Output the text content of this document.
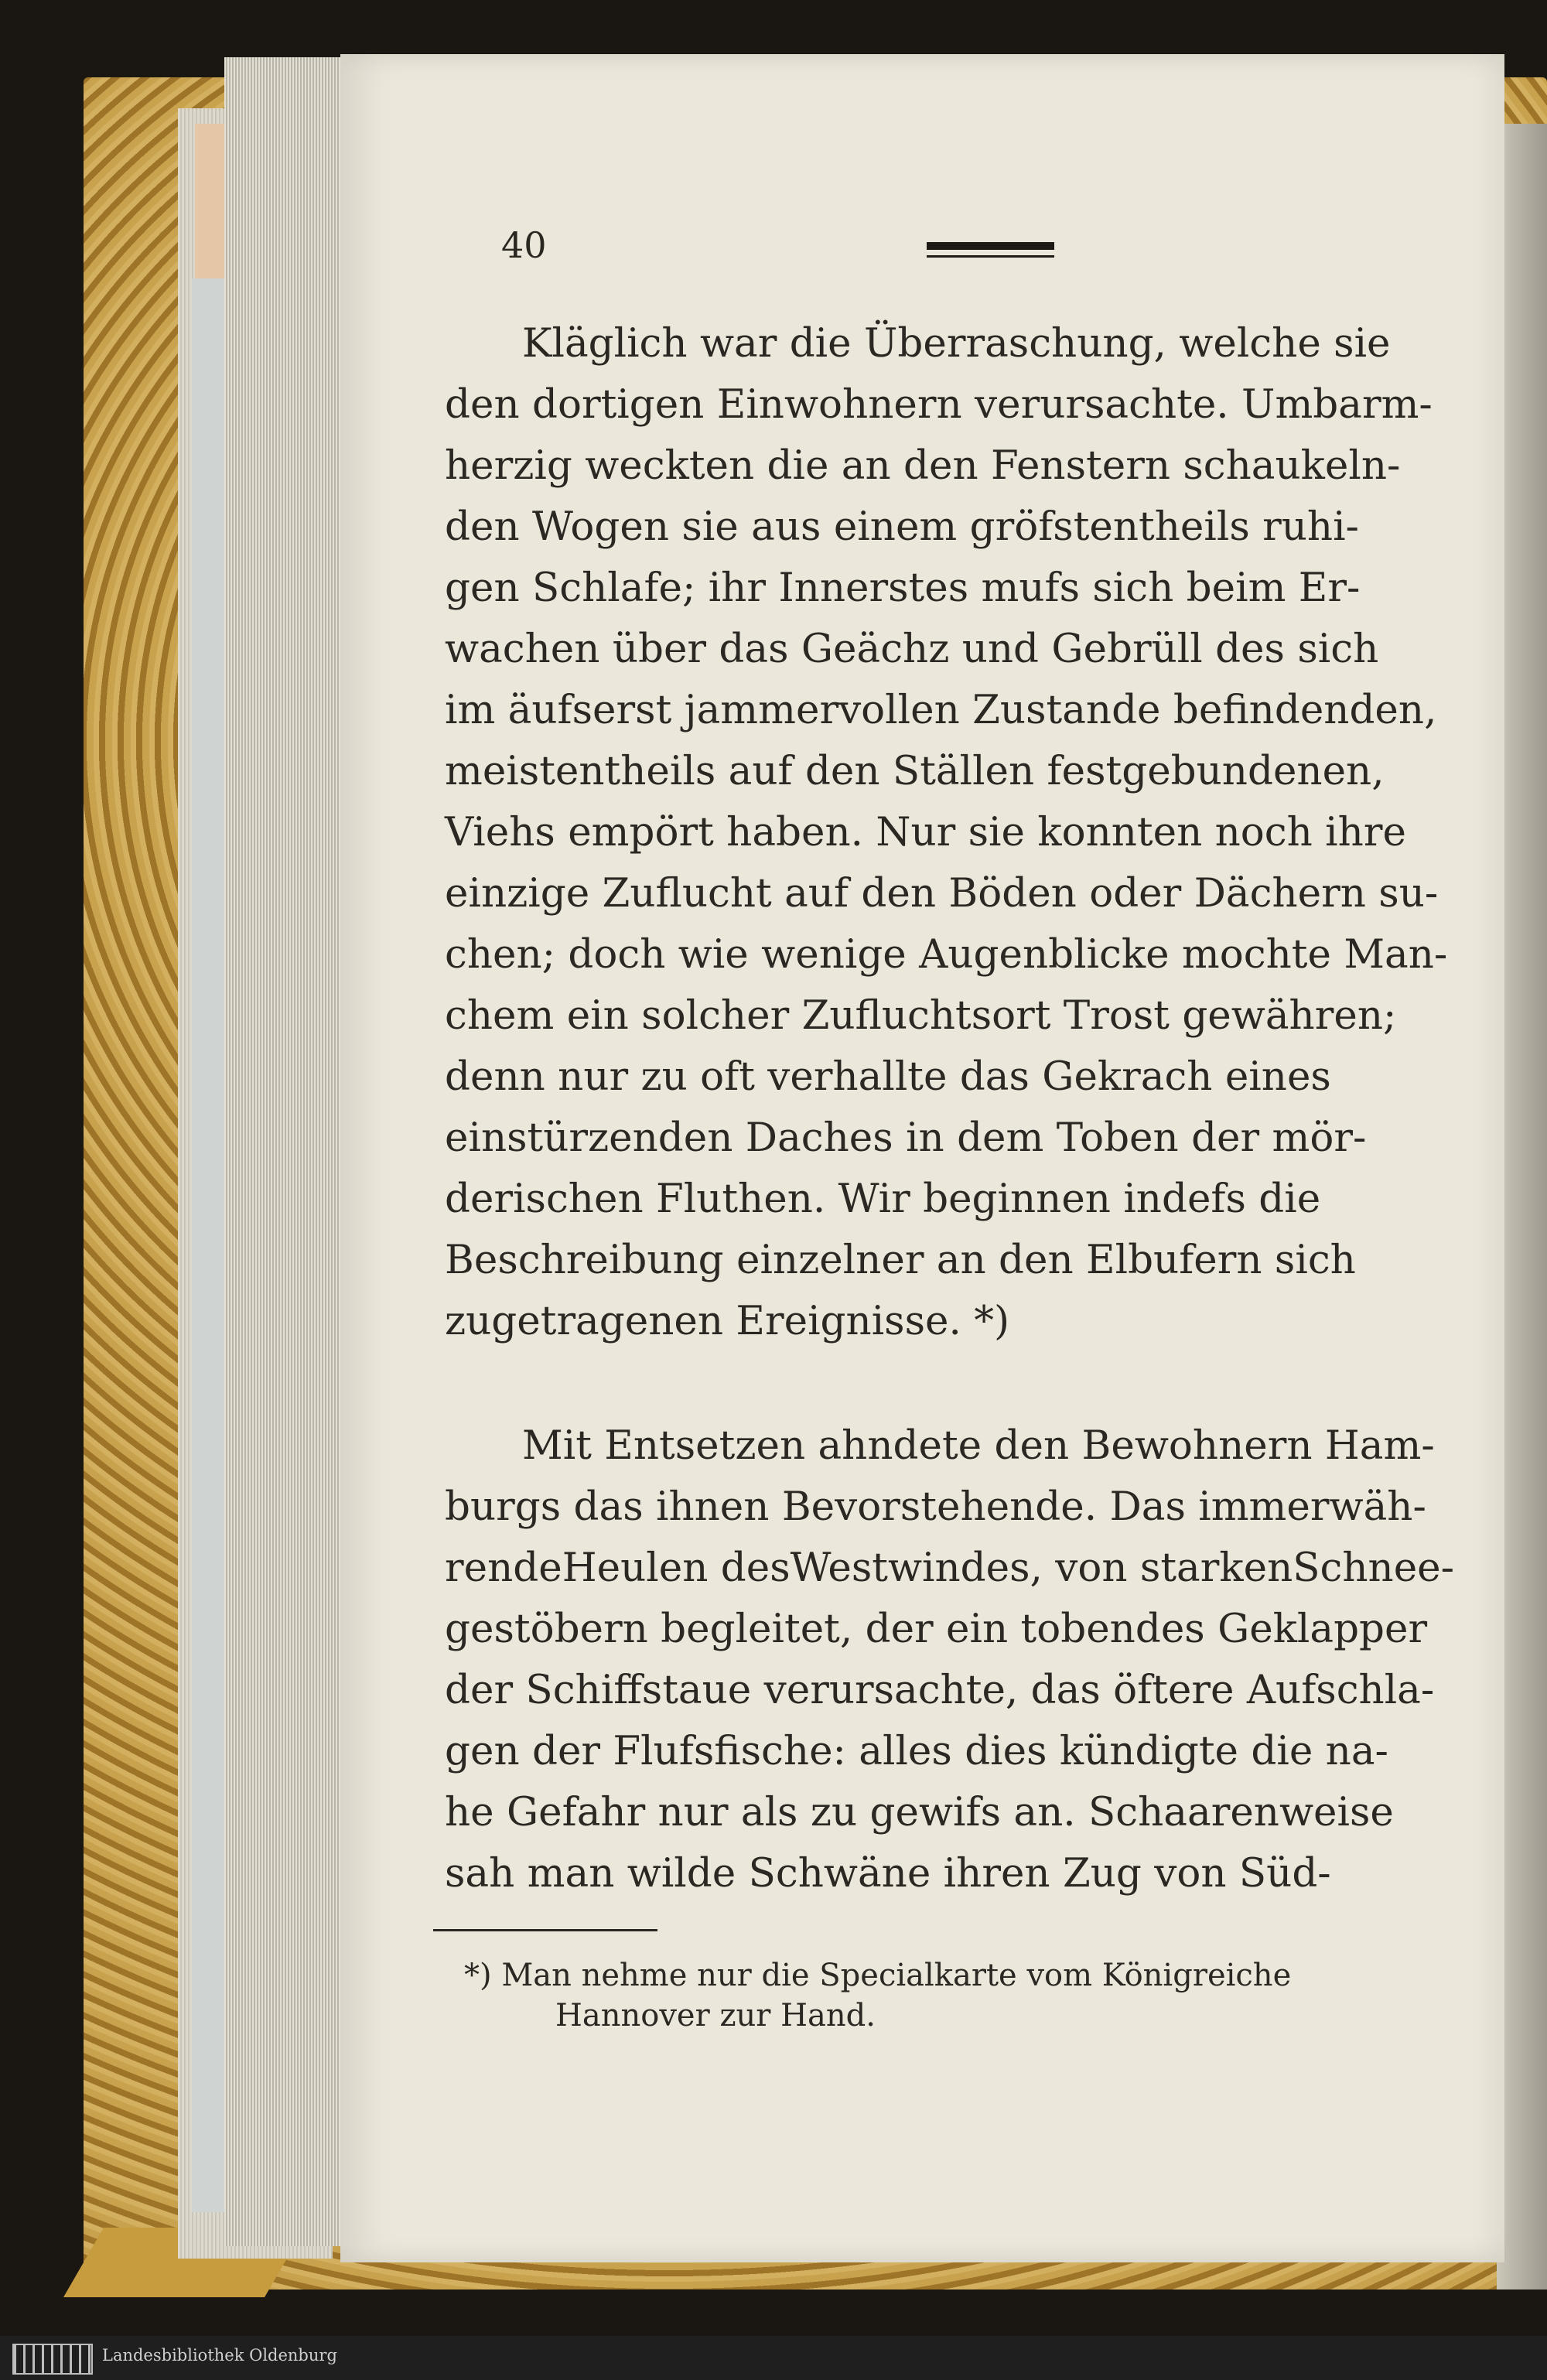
40
Kläglich war die Überraschung, welche sie
den dortigen Einwohnern verursachte. Umbarm-
herzig weckten die an den Fenstern schaukeln-
den Wogen sie aus einem gröfstentheils ruhi-
gen Schlafe; ihr Innerstes mufs sich beim Er-
wachen über das Geächz und Gebrüll des sich
im äufserst jammervollen Zustande befindenden,
meistentheils auf den Ställen festgebundenen,
Viehs empört haben. Nur sie konnten noch ihre
einzige Zuflucht auf den Böden oder Dächern su-
chen; doch wie wenige Augenblicke mochte Man-
chem ein solcher Zufluchtsort Trost gewähren;
denn nur zu oft verhallte das Gekrach eines
einstürzenden Daches in dem Toben der mör-
derischen Fluthen. Wir beginnen indefs die
Beschreibung einzelner an den Elbufern sich
zugetragenen Ereignisse. *)
Mit Entsetzen ahndete den Bewohnern Ham-
burgs das ihnen Bevorstehende. Das immerwäh-
rendeHeulen desWestwindes, von starkenSchnee-
gestöbern begleitet, der ein tobendes Geklapper
der Schiffstaue verursachte, das öftere Aufschla-
gen der Flufsfische: alles dies kündigte die na-
he Gefahr nur als zu gewifs an. Schaarenweise
sah man wilde Schwäne ihren Zug von Süd-
*) Man nehme nur die Specialkarte vom Königreiche
Hannover zur Hand.
Landesbibliothek Oldenburg
